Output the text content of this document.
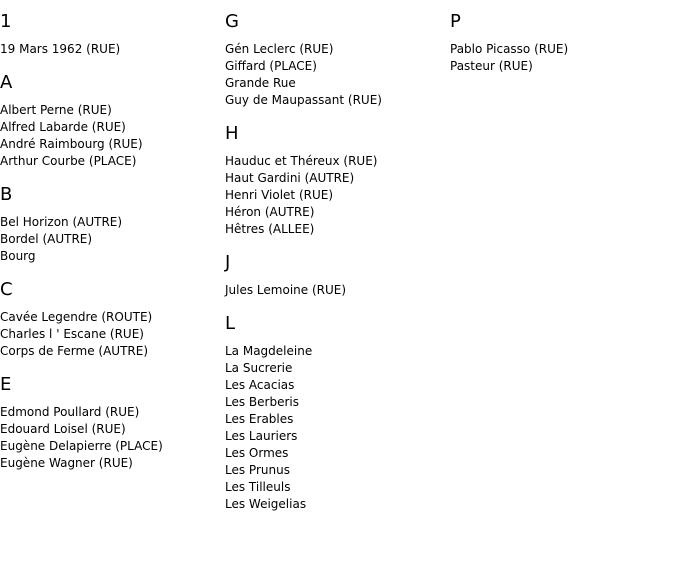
1
19 Mars 1962 (RUE)
A
Albert Perne (RUE)
Alfred Labarde (RUE)
André Raimbourg (RUE)
Arthur Courbe (PLACE)
B
Bel Horizon (AUTRE)
Bordel (AUTRE)
Bourg
C
Cavée Legendre (ROUTE)
Charles l ' Escane (RUE)
Corps de Ferme (AUTRE)
E
Edmond Poullard (RUE)
Edouard Loisel (RUE)
Eugène Delapierre (PLACE)
Eugène Wagner (RUE)
G
Gén Leclerc (RUE)
Giffard (PLACE)
Grande Rue
Guy de Maupassant (RUE)
H
Hauduc et Théreux (RUE)
Haut Gardini (AUTRE)
Henri Violet (RUE)
Héron (AUTRE)
Hêtres (ALLEE)
J
Jules Lemoine (RUE)
L
La Magdeleine
La Sucrerie
Les Acacias
Les Berberis
Les Erables
Les Lauriers
Les Ormes
Les Prunus
Les Tilleuls
Les Weigelias
P
Pablo Picasso (RUE)
Pasteur (RUE)
